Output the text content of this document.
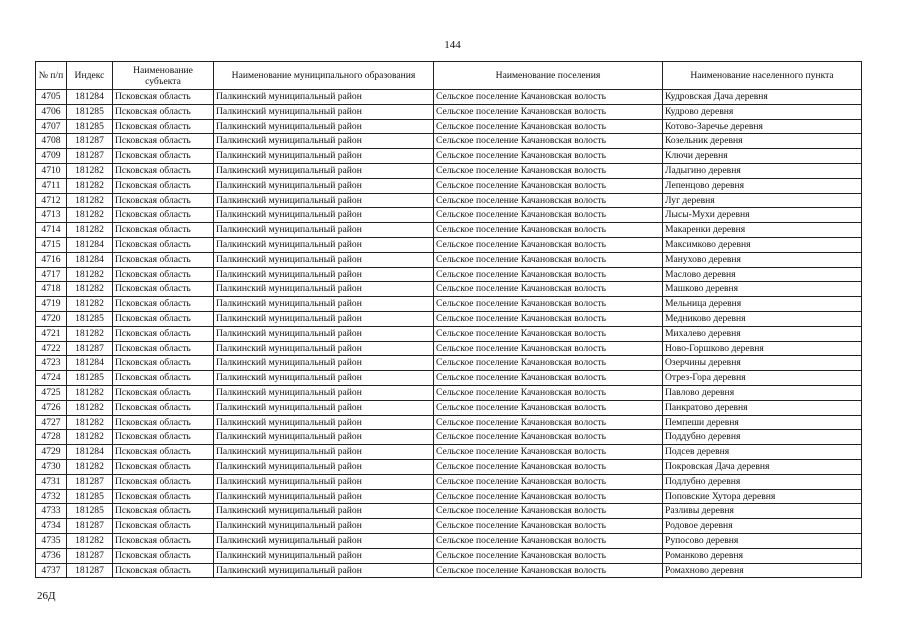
144
№ п/п	Индекс	Наименование субъекта	Наименование муниципального образования	Наименование поселения	Наименование населенного пункта
4705	181284	Псковская область	Палкинский муниципальный район	Сельское поселение Качановская волость	Кудровская Дача деревня
4706	181285	Псковская область	Палкинский муниципальный район	Сельское поселение Качановская волость	Кудрово деревня
4707	181285	Псковская область	Палкинский муниципальный район	Сельское поселение Качановская волость	Котово-Заречье деревня
4708	181287	Псковская область	Палкинский муниципальный район	Сельское поселение Качановская волость	Козельник деревня
4709	181287	Псковская область	Палкинский муниципальный район	Сельское поселение Качановская волость	Ключи деревня
4710	181282	Псковская область	Палкинский муниципальный район	Сельское поселение Качановская волость	Ладыгино деревня
4711	181282	Псковская область	Палкинский муниципальный район	Сельское поселение Качановская волость	Лепенцово деревня
4712	181282	Псковская область	Палкинский муниципальный район	Сельское поселение Качановская волость	Луг деревня
4713	181282	Псковская область	Палкинский муниципальный район	Сельское поселение Качановская волость	Лысы-Мухи деревня
4714	181282	Псковская область	Палкинский муниципальный район	Сельское поселение Качановская волость	Макаренки деревня
4715	181284	Псковская область	Палкинский муниципальный район	Сельское поселение Качановская волость	Максимково деревня
4716	181284	Псковская область	Палкинский муниципальный район	Сельское поселение Качановская волость	Мануховo деревня
4717	181282	Псковская область	Палкинский муниципальный район	Сельское поселение Качановская волость	Маслово деревня
4718	181282	Псковская область	Палкинский муниципальный район	Сельское поселение Качановская волость	Машково деревня
4719	181282	Псковская область	Палкинский муниципальный район	Сельское поселение Качановская волость	Мельница деревня
4720	181285	Псковская область	Палкинский муниципальный район	Сельское поселение Качановская волость	Медниково деревня
4721	181282	Псковская область	Палкинский муниципальный район	Сельское поселение Качановская волость	Михалево деревня
4722	181287	Псковская область	Палкинский муниципальный район	Сельское поселение Качановская волость	Ново-Горшково деревня
4723	181284	Псковская область	Палкинский муниципальный район	Сельское поселение Качановская волость	Озерчины деревня
4724	181285	Псковская область	Палкинский муниципальный район	Сельское поселение Качановская волость	Отрез-Гора деревня
4725	181282	Псковская область	Палкинский муниципальный район	Сельское поселение Качановская волость	Павлово деревня
4726	181282	Псковская область	Палкинский муниципальный район	Сельское поселение Качановская волость	Панкратово деревня
4727	181282	Псковская область	Палкинский муниципальный район	Сельское поселение Качановская волость	Пемпеши деревня
4728	181282	Псковская область	Палкинский муниципальный район	Сельское поселение Качановская волость	Поддубно деревня
4729	181284	Псковская область	Палкинский муниципальный район	Сельское поселение Качановская волость	Подсев деревня
4730	181282	Псковская область	Палкинский муниципальный район	Сельское поселение Качановская волость	Покровская Дача деревня
4731	181287	Псковская область	Палкинский муниципальный район	Сельское поселение Качановская волость	Подлубно деревня
4732	181285	Псковская область	Палкинский муниципальный район	Сельское поселение Качановская волость	Поповские Хутора деревня
4733	181285	Псковская область	Палкинский муниципальный район	Сельское поселение Качановская волость	Разливы деревня
4734	181287	Псковская область	Палкинский муниципальный район	Сельское поселение Качановская волость	Родовое деревня
4735	181282	Псковская область	Палкинский муниципальный район	Сельское поселение Качановская волость	Рупосово деревня
4736	181287	Псковская область	Палкинский муниципальный район	Сельское поселение Качановская волость	Романково деревня
4737	181287	Псковская область	Палкинский муниципальный район	Сельское поселение Качановская волость	Ромахново деревня
26Д
